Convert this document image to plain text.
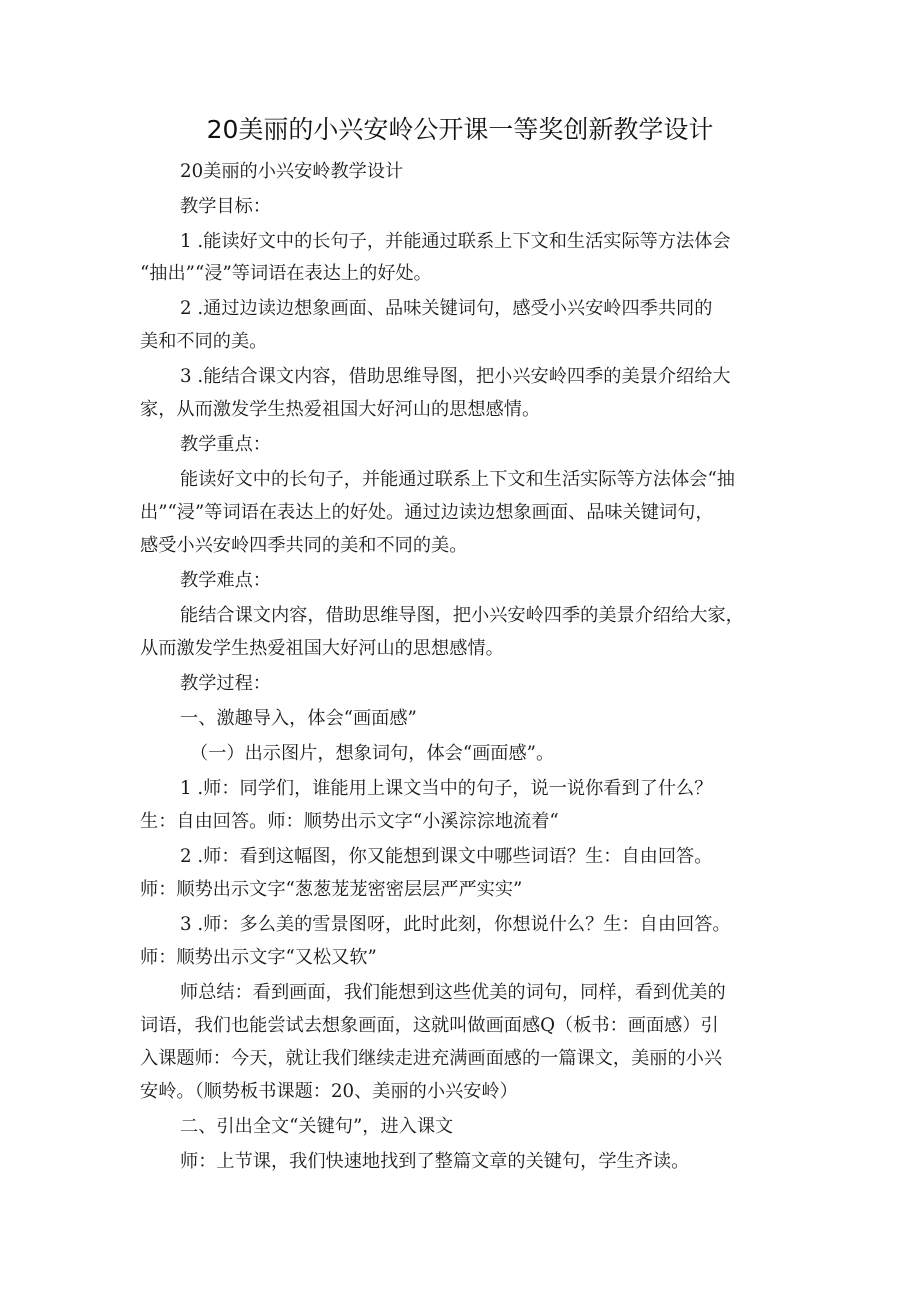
20美丽的小兴安岭公开课一等奖创新教学设计
20美丽的小兴安岭教学设计
教学目标：
1 .能读好文中的长句子，并能通过联系上下文和生活实际等方法体会
“抽出”“浸”等词语在表达上的好处。
2 .通过边读边想象画面、品味关键词句，感受小兴安岭四季共同的
美和不同的美。
3 .能结合课文内容，借助思维导图，把小兴安岭四季的美景介绍给大
家，从而激发学生热爱祖国大好河山的思想感情。
教学重点：
能读好文中的长句子，并能通过联系上下文和生活实际等方法体会“抽
出”“浸”等词语在表达上的好处。通过边读边想象画面、品味关键词句，
感受小兴安岭四季共同的美和不同的美。
教学难点：
能结合课文内容，借助思维导图，把小兴安岭四季的美景介绍给大家，
从而激发学生热爱祖国大好河山的思想感情。
教学过程：
一、激趣导入，体会“画面感”
（一）出示图片，想象词句，体会“画面感”。
1 .师：同学们，谁能用上课文当中的句子，说一说你看到了什么？
生：自由回答。师：顺势出示文字“小溪淙淙地流着“
2 .师：看到这幅图，你又能想到课文中哪些词语？生：自由回答。
师：顺势出示文字“葱葱茏茏密密层层严严实实”
3 .师：多么美的雪景图呀，此时此刻，你想说什么？生：自由回答。
师：顺势出示文字“又松又软”
师总结：看到画面，我们能想到这些优美的词句，同样，看到优美的
词语，我们也能尝试去想象画面，这就叫做画面感Q（板书：画面感）引
入课题师：今天，就让我们继续走进充满画面感的一篇课文，美丽的小兴
安岭。（顺势板书课题：20、美丽的小兴安岭）
二、引出全文“关键句”，进入课文
师：上节课，我们快速地找到了整篇文章的关键句，学生齐读。
